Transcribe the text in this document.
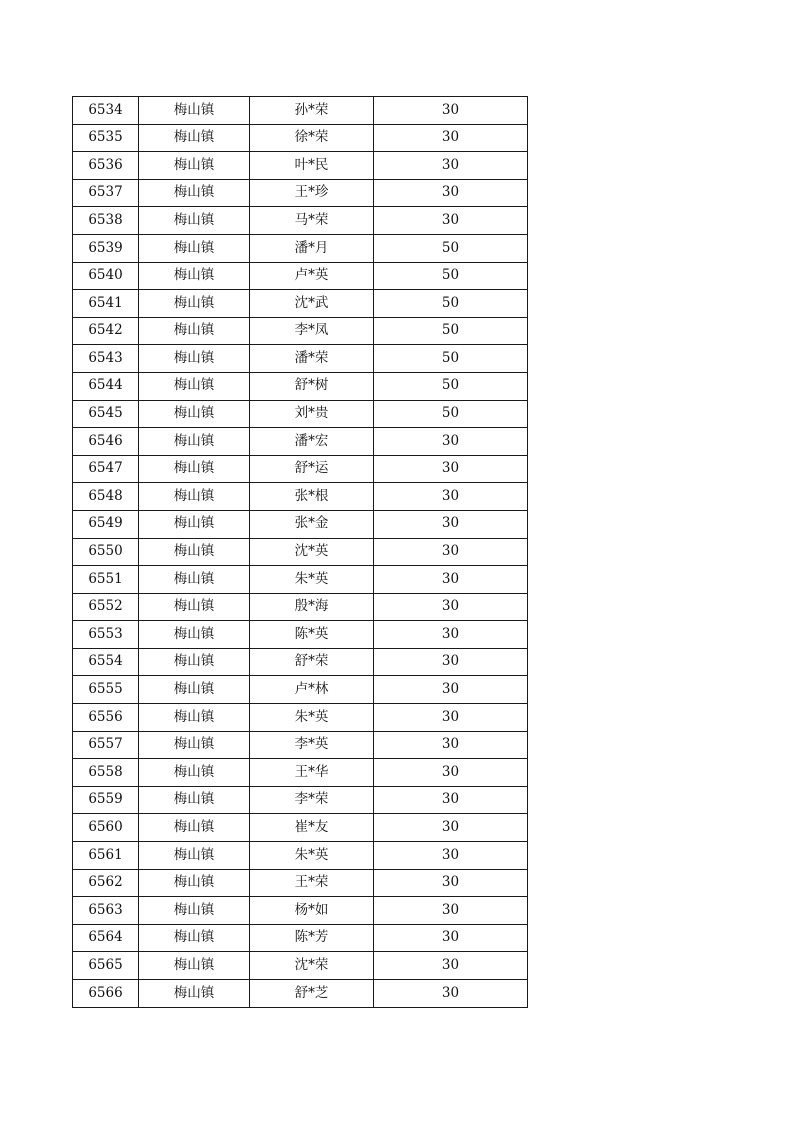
6534	梅山镇	孙*荣	30
6535	梅山镇	徐*荣	30
6536	梅山镇	叶*民	30
6537	梅山镇	王*珍	30
6538	梅山镇	马*荣	30
6539	梅山镇	潘*月	50
6540	梅山镇	卢*英	50
6541	梅山镇	沈*武	50
6542	梅山镇	李*凤	50
6543	梅山镇	潘*荣	50
6544	梅山镇	舒*树	50
6545	梅山镇	刘*贵	50
6546	梅山镇	潘*宏	30
6547	梅山镇	舒*运	30
6548	梅山镇	张*根	30
6549	梅山镇	张*金	30
6550	梅山镇	沈*英	30
6551	梅山镇	朱*英	30
6552	梅山镇	殷*海	30
6553	梅山镇	陈*英	30
6554	梅山镇	舒*荣	30
6555	梅山镇	卢*林	30
6556	梅山镇	朱*英	30
6557	梅山镇	李*英	30
6558	梅山镇	王*华	30
6559	梅山镇	李*荣	30
6560	梅山镇	崔*友	30
6561	梅山镇	朱*英	30
6562	梅山镇	王*荣	30
6563	梅山镇	杨*如	30
6564	梅山镇	陈*芳	30
6565	梅山镇	沈*荣	30
6566	梅山镇	舒*芝	30
